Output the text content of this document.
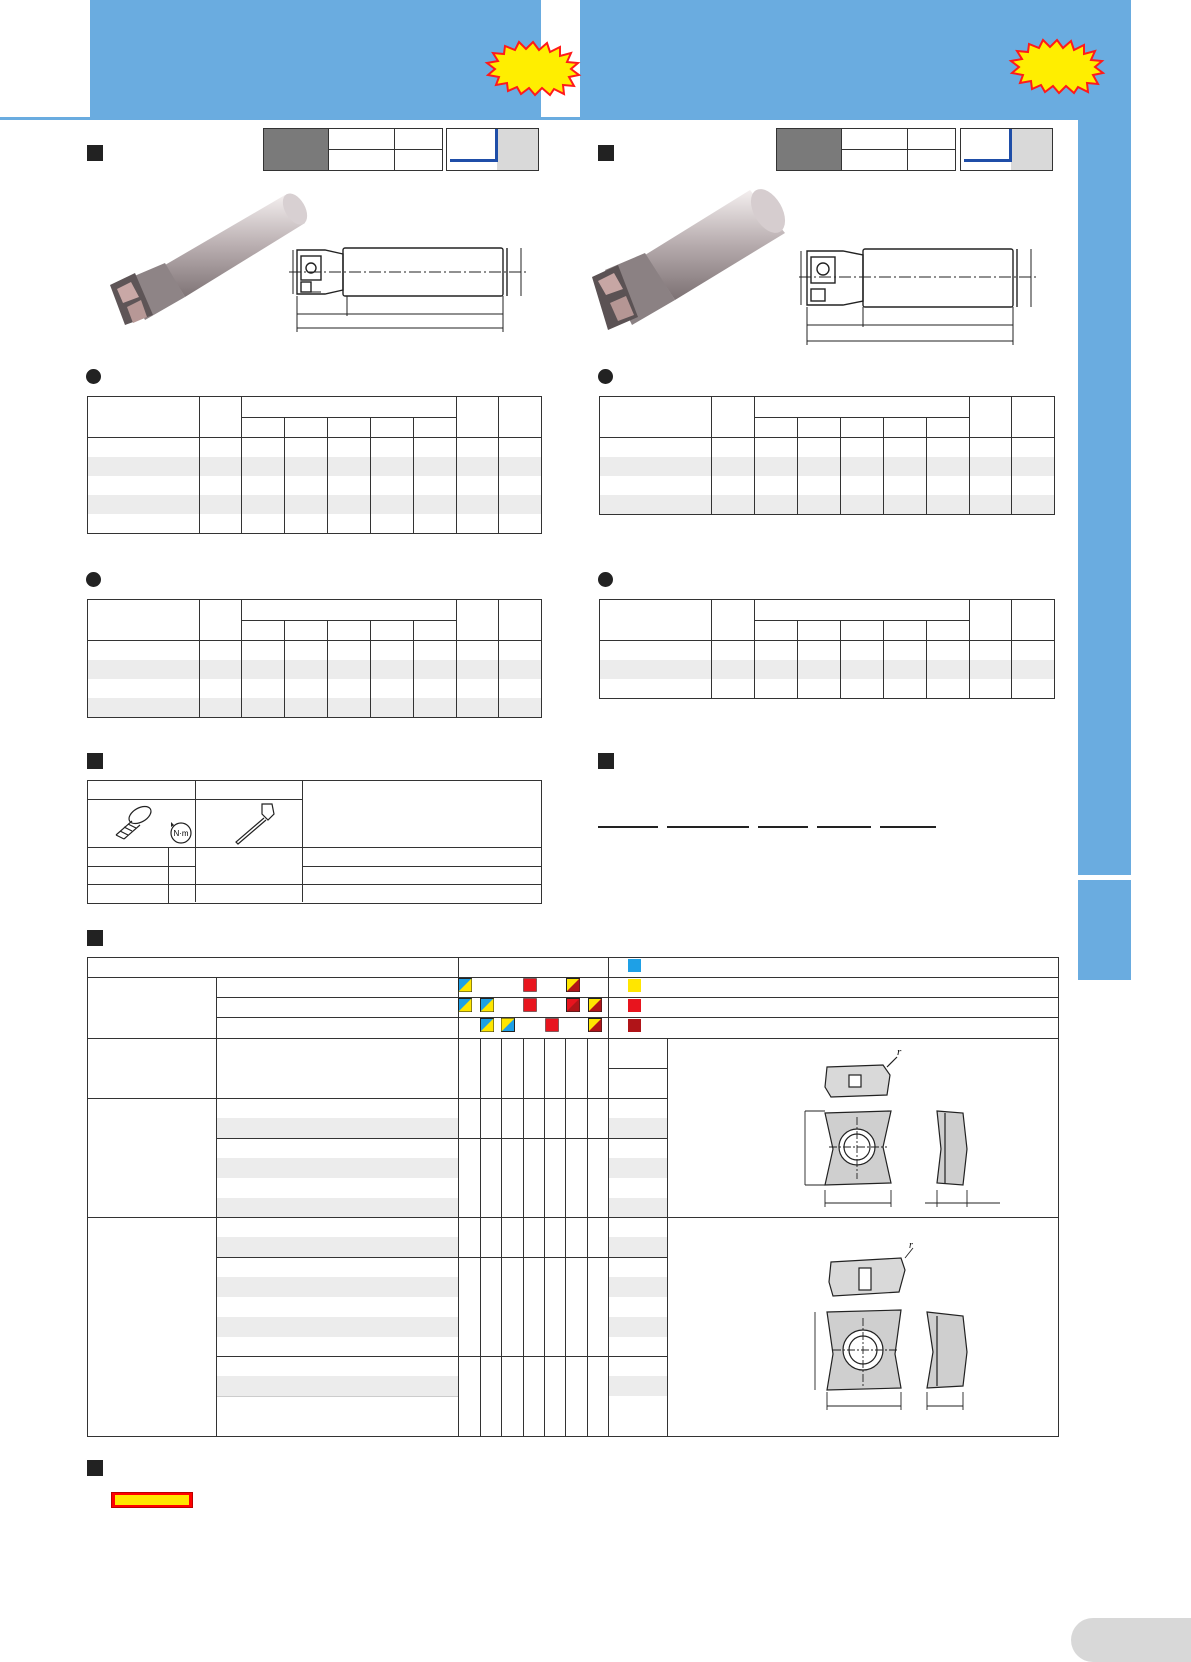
N·m
r
r
